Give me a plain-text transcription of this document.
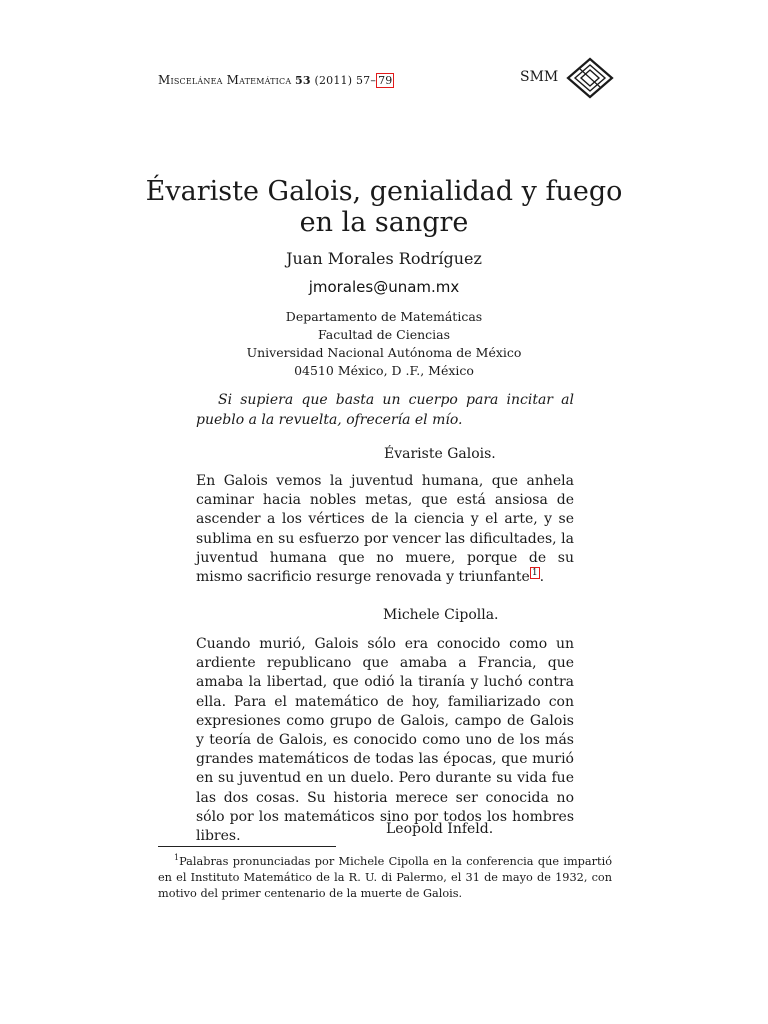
Miscelánea Matemática 53 (2011) 57– 79	SMM
Évariste Galois, genialidad y fuego
en la sangre
Juan Morales Rodríguez
jmorales@unam.mx
Departamento de Matemáticas
Facultad de Ciencias
Universidad Nacional Autónoma de México
04510 México, D .F., México
Si supiera que basta un cuerpo para incitar al pueblo a la revuelta, ofrecería el mío.
Évariste Galois.
En Galois vemos la juventud humana, que anhela caminar hacia nobles metas, que está ansiosa de ascender a los vértices de la ciencia y el arte, y se sublima en su esfuerzo por vencer las dificultades, la juventud humana que no muere, porque de su mismo sacrificio resurge renovada y triunfante $^1$ .
Michele Cipolla.
Cuando murió, Galois sólo era conocido como un ardiente republicano que amaba a Francia, que amaba la libertad, que odió la tiranía y luchó contra ella. Para el matemático de hoy, familiarizado con expresiones como grupo de Galois, campo de Galois y teoría de Galois, es conocido como uno de los más grandes matemáticos de todas las épocas, que murió en su juventud en un duelo. Pero durante su vida fue las dos cosas. Su historia merece ser conocida no sólo por los matemáticos sino por todos los hombres libres.	Leopold Infeld.
$^1$Palabras pronunciadas por Michele Cipolla en la conferencia que impartió en el Instituto Matemático de la R. U. di Palermo, el 31 de mayo de 1932, con motivo del primer centenario de la muerte de Galois.
